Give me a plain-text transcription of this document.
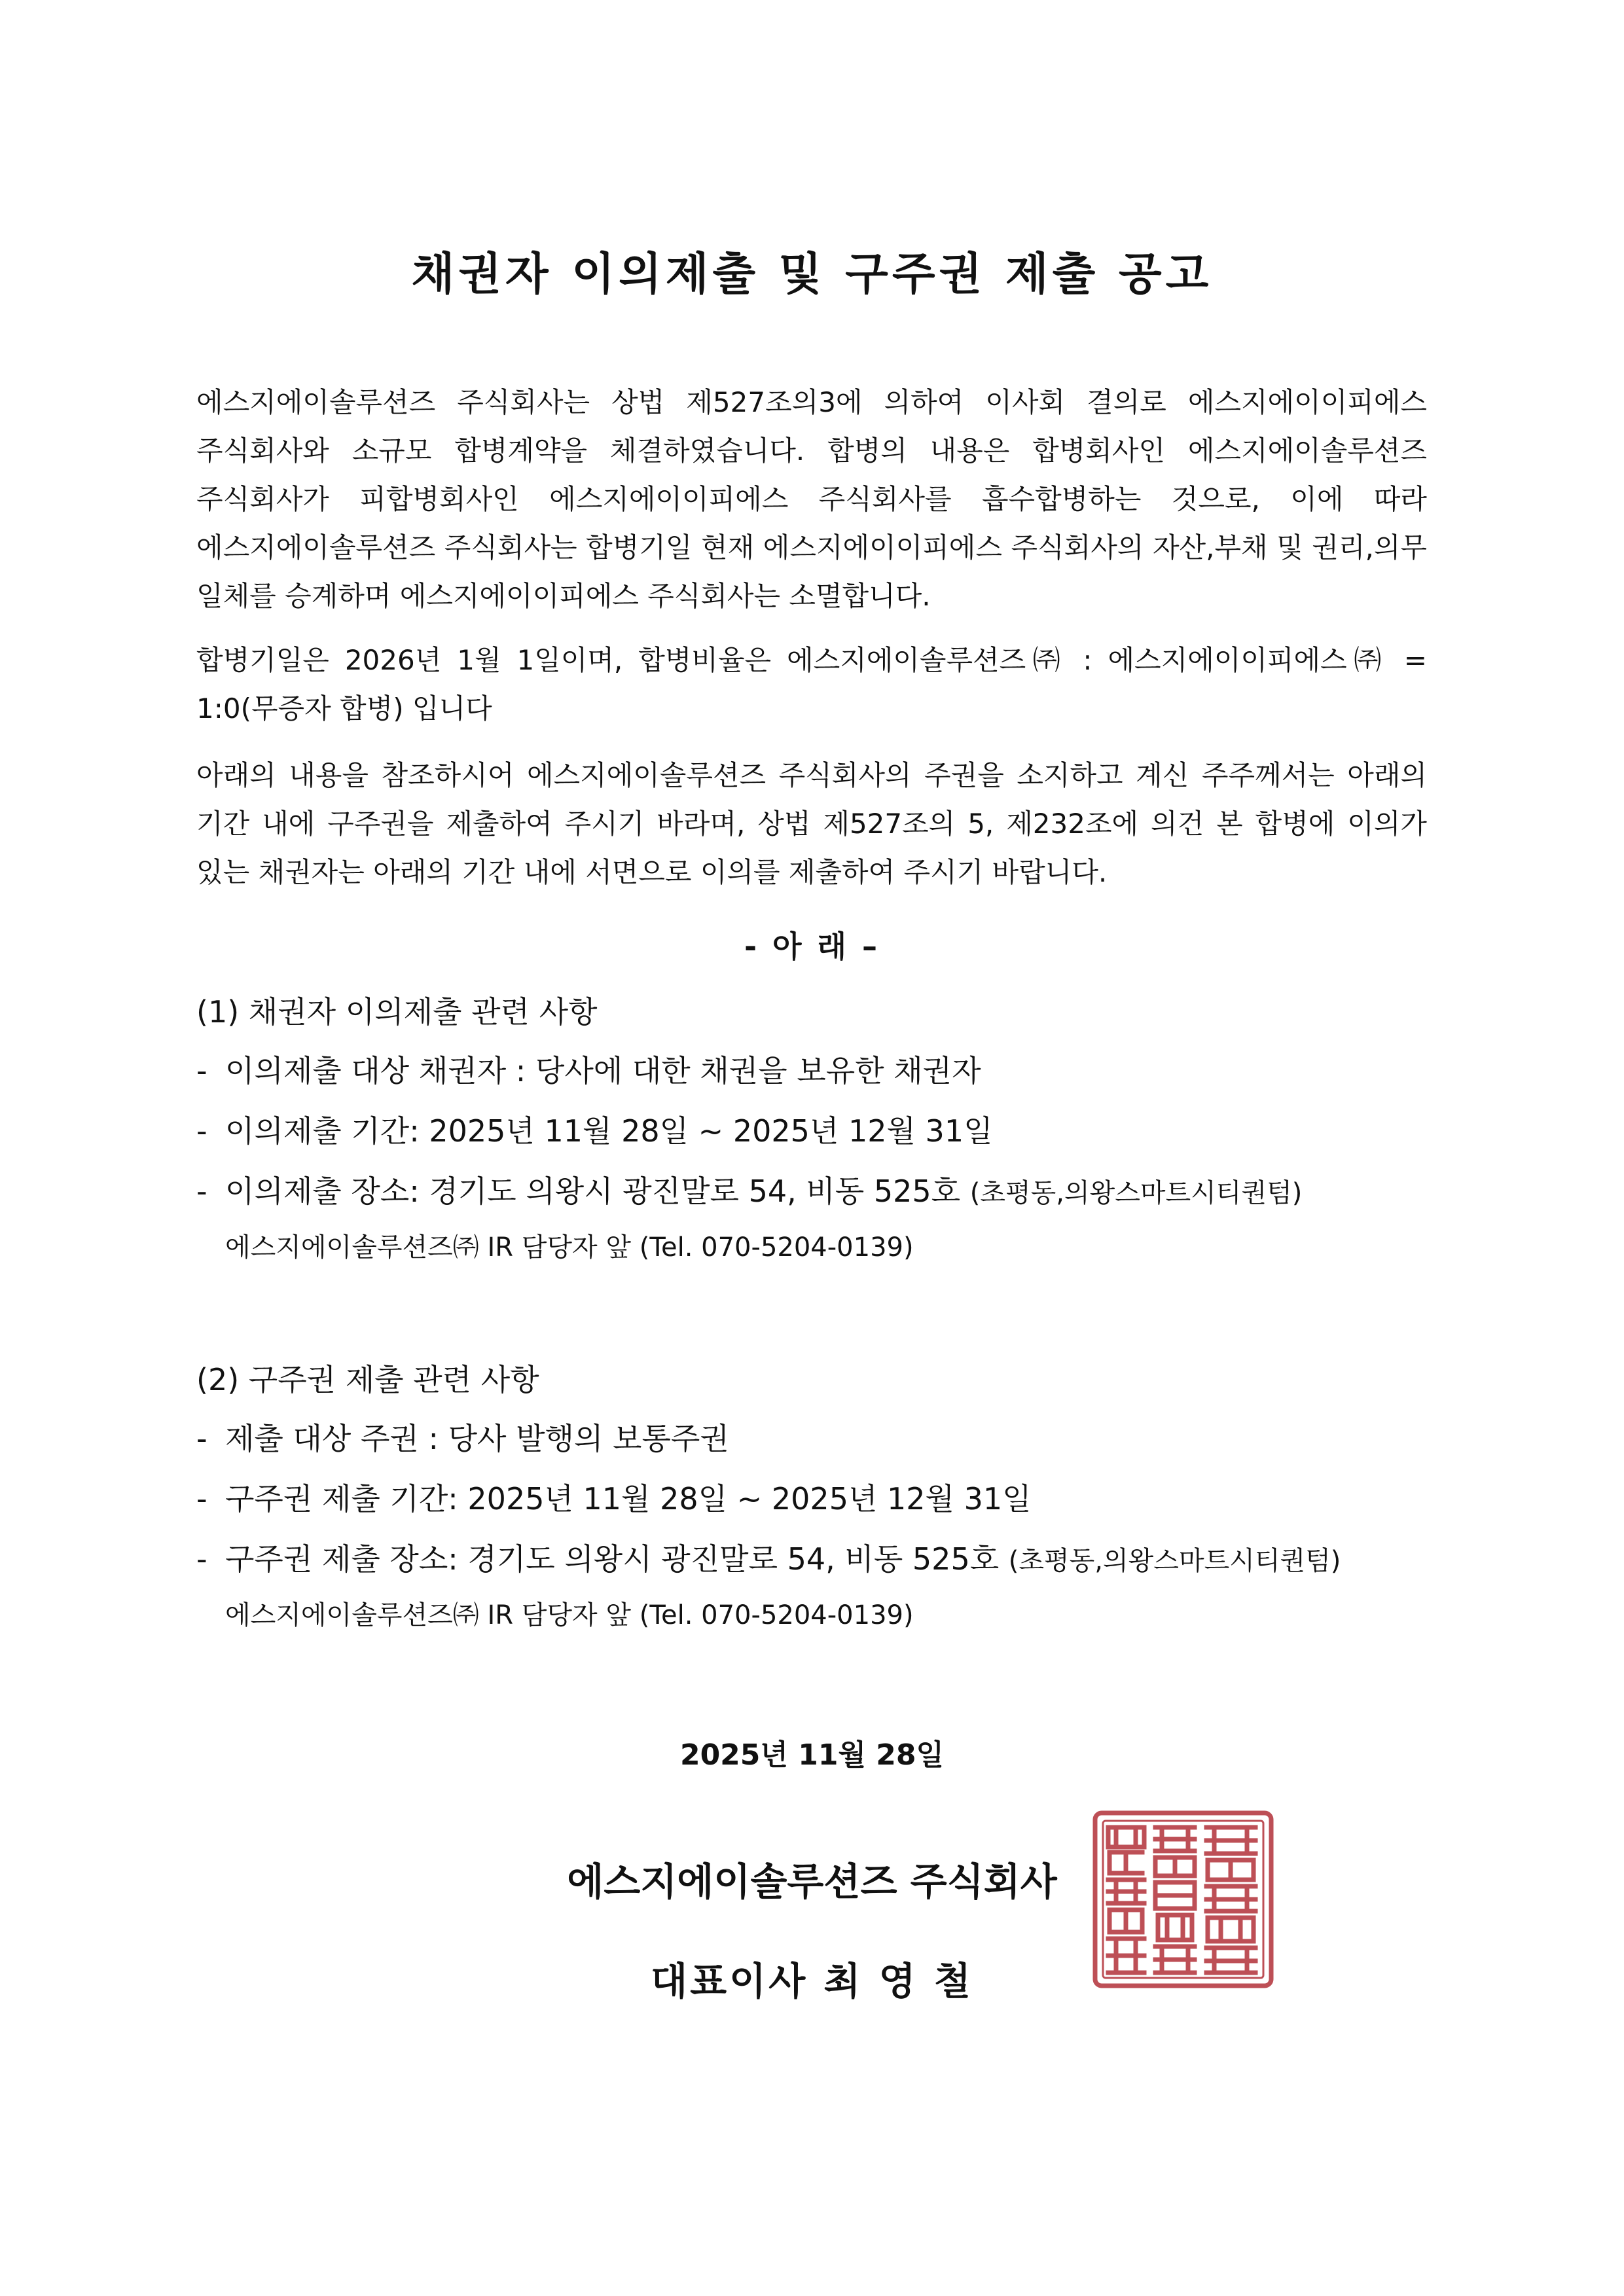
채권자 이의제출 및 구주권 제출 공고
에스지에이솔루션즈 주식회사는 상법 제527조의3에 의하여 이사회 결의로 에스지에이이피에스 주식회사와 소규모 합병계약을 체결하였습니다. 합병의 내용은 합병회사인 에스지에이솔루션즈 주식회사가 피합병회사인 에스지에이이피에스 주식회사를 흡수합병하는 것으로, 이에 따라 에스지에이솔루션즈 주식회사는 합병기일 현재 에스지에이이피에스 주식회사의 자산,부채 및 권리,의무 일체를 승계하며 에스지에이이피에스 주식회사는 소멸합니다.
합병기일은 2026년 1월 1일이며, 합병비율은 에스지에이솔루션즈㈜ : 에스지에이이피에스㈜ = 1:0(무증자 합병) 입니다
아래의 내용을 참조하시어 에스지에이솔루션즈 주식회사의 주권을 소지하고 계신 주주께서는 아래의 기간 내에 구주권을 제출하여 주시기 바라며, 상법 제527조의 5, 제232조에 의건 본 합병에 이의가 있는 채권자는 아래의 기간 내에 서면으로 이의를 제출하여 주시기 바랍니다.
- 아 래 –
(1) 채권자 이의제출 관련 사항
- 이의제출 대상 채권자 : 당사에 대한 채권을 보유한 채권자
- 이의제출 기간: 2025년 11월 28일 ~ 2025년 12월 31일
- 이의제출 장소: 경기도 의왕시 광진말로 54, 비동 525호 (초평동,의왕스마트시티퀀텀)
에스지에이솔루션즈㈜ IR 담당자 앞 (Tel. 070-5204-0139)
(2) 구주권 제출 관련 사항
- 제출 대상 주권 : 당사 발행의 보통주권
- 구주권 제출 기간: 2025년 11월 28일 ~ 2025년 12월 31일
- 구주권 제출 장소: 경기도 의왕시 광진말로 54, 비동 525호 (초평동,의왕스마트시티퀀텀)
에스지에이솔루션즈㈜ IR 담당자 앞 (Tel. 070-5204-0139)
2025년 11월 28일
에스지에이솔루션즈 주식회사
대표이사 최 영 철
